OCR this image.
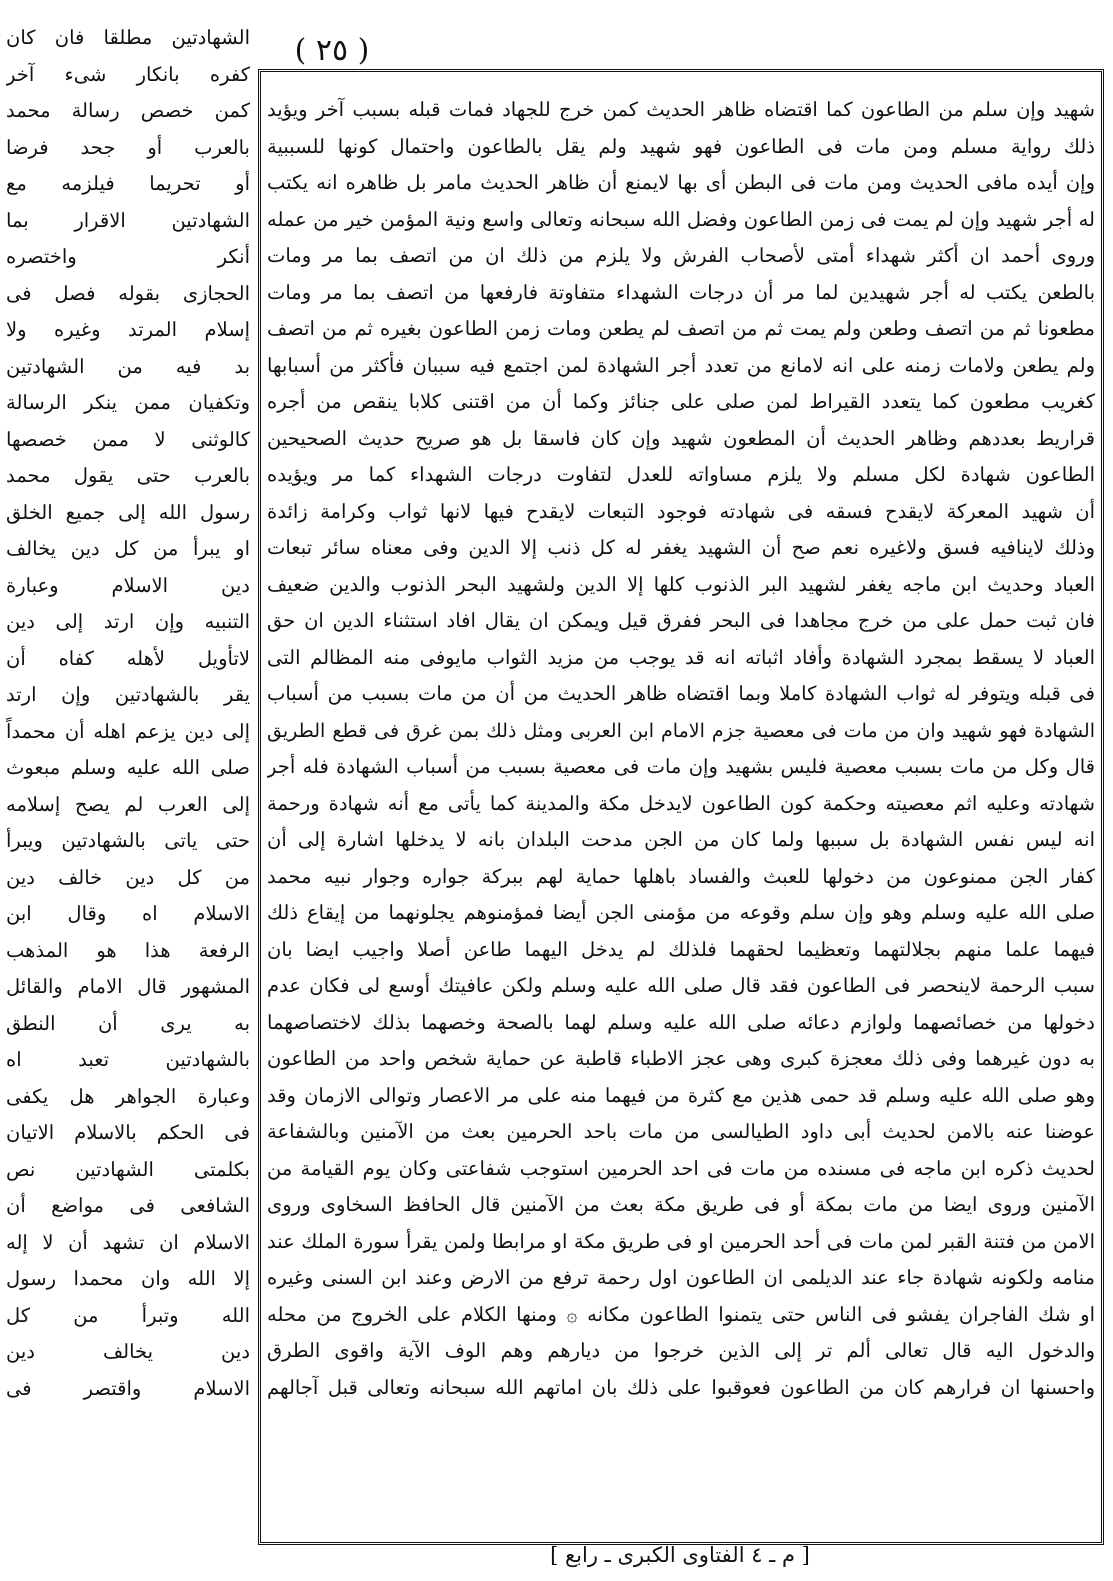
( ٢٥ )
الشهادتين مطلقا فان كان
كفره بانكار شىء آخر
كمن خصص رسالة محمد
بالعرب أو جحد فرضا
أو تحريما فيلزمه مع
الشهادتين الاقرار بما
أنكر واختصره
الحجازى بقوله فصل فى
إسلام المرتد وغيره ولا
بد فيه من الشهادتين
وتكفيان ممن ينكر الرسالة
كالوثنى لا ممن خصصها
بالعرب حتى يقول محمد
رسول الله إلى جميع الخلق
او يبرأ من كل دين يخالف
دين الاسلام وعبارة
التنبيه وإن ارتد إلى دين
لاتأويل لأهله كفاه أن
يقر بالشهادتين وإن ارتد
إلى دين يزعم اهله أن محمداً
صلى الله عليه وسلم مبعوث
إلى العرب لم يصح إسلامه
حتى ياتى بالشهادتين ويبرأ
من كل دين خالف دين
الاسلام اه وقال ابن
الرفعة هذا هو المذهب
المشهور قال الامام والقائل
به يرى أن النطق
بالشهادتين تعبد اه
وعبارة الجواهر هل يكفى
فى الحكم بالاسلام الاتيان
بكلمتى الشهادتين نص
الشافعى فى مواضع أن
الاسلام ان تشهد أن لا إله
إلا الله وان محمدا رسول
الله وتبرأ من كل
دين يخالف دين
الاسلام واقتصر فى
شهيد وإن سلم من الطاعون كما اقتضاه ظاهر الحديث كمن خرج للجهاد فمات قبله بسبب آخر ويؤيد
ذلك رواية مسلم ومن مات فى الطاعون فهو شهيد ولم يقل بالطاعون واحتمال كونها للسببية
وإن أيده مافى الحديث ومن مات فى البطن أى بها لايمنع أن ظاهر الحديث مامر بل ظاهره انه يكتب
له أجر شهيد وإن لم يمت فى زمن الطاعون وفضل الله سبحانه وتعالى واسع ونية المؤمن خير من عمله
وروى أحمد ان أكثر شهداء أمتى لأصحاب الفرش ولا يلزم من ذلك ان من اتصف بما مر ومات
بالطعن يكتب له أجر شهيدين لما مر أن درجات الشهداء متفاوتة فارفعها من اتصف بما مر ومات
مطعونا ثم من اتصف وطعن ولم يمت ثم من اتصف لم يطعن ومات زمن الطاعون بغيره ثم من اتصف
ولم يطعن ولامات زمنه على انه لامانع من تعدد أجر الشهادة لمن اجتمع فيه سببان فأكثر من أسبابها
كغريب مطعون كما يتعدد القيراط لمن صلى على جنائز وكما أن من اقتنى كلابا ينقص من أجره
قراريط بعددهم وظاهر الحديث أن المطعون شهيد وإن كان فاسقا بل هو صريح حديث الصحيحين
الطاعون شهادة لكل مسلم ولا يلزم مساواته للعدل لتفاوت درجات الشهداء كما مر ويؤيده
أن شهيد المعركة لايقدح فسقه فى شهادته فوجود التبعات لايقدح فيها لانها ثواب وكرامة زائدة
وذلك لاينافيه فسق ولاغيره نعم صح أن الشهيد يغفر له كل ذنب إلا الدين وفى معناه سائر تبعات
العباد وحديث ابن ماجه يغفر لشهيد البر الذنوب كلها إلا الدين ولشهيد البحر الذنوب والدين ضعيف
فان ثبت حمل على من خرج مجاهدا فى البحر ففرق قيل ويمكن ان يقال افاد استثناء الدين ان حق
العباد لا يسقط بمجرد الشهادة وأفاد اثباته انه قد يوجب من مزيد الثواب مايوفى منه المظالم التى
فى قبله ويتوفر له ثواب الشهادة كاملا وبما اقتضاه ظاهر الحديث من أن من مات بسبب من أسباب
الشهادة فهو شهيد وان من مات فى معصية جزم الامام ابن العربى ومثل ذلك بمن غرق فى قطع الطريق
قال وكل من مات بسبب معصية فليس بشهيد وإن مات فى معصية بسبب من أسباب الشهادة فله أجر
شهادته وعليه اثم معصيته وحكمة كون الطاعون لايدخل مكة والمدينة كما يأتى مع أنه شهادة ورحمة
انه ليس نفس الشهادة بل سببها ولما كان من الجن مدحت البلدان بانه لا يدخلها اشارة إلى أن
كفار الجن ممنوعون من دخولها للعبث والفساد باهلها حماية لهم ببركة جواره وجوار نبيه محمد
صلى الله عليه وسلم وهو وإن سلم وقوعه من مؤمنى الجن أيضا فمؤمنوهم يجلونهما من إيقاع ذلك
فيهما علما منهم بجلالتهما وتعظيما لحقهما فلذلك لم يدخل اليهما طاعن أصلا واجيب ايضا بان
سبب الرحمة لاينحصر فى الطاعون فقد قال صلى الله عليه وسلم ولكن عافيتك أوسع لى فكان عدم
دخولها من خصائصهما ولوازم دعائه صلى الله عليه وسلم لهما بالصحة وخصهما بذلك لاختصاصهما
به دون غيرهما وفى ذلك معجزة كبرى وهى عجز الاطباء قاطبة عن حماية شخص واحد من الطاعون
وهو صلى الله عليه وسلم قد حمى هذين مع كثرة من فيهما منه على مر الاعصار وتوالى الازمان وقد
عوضنا عنه بالامن لحديث أبى داود الطيالسى من مات باحد الحرمين بعث من الآمنين وبالشفاعة
لحديث ذكره ابن ماجه فى مسنده من مات فى احد الحرمين استوجب شفاعتى وكان يوم القيامة من
الآمنين وروى ايضا من مات بمكة أو فى طريق مكة بعث من الآمنين قال الحافظ السخاوى وروى
الامن من فتنة القبر لمن مات فى أحد الحرمين او فى طريق مكة او مرابطا ولمن يقرأ سورة الملك عند
منامه ولكونه شهادة جاء عند الديلمى ان الطاعون اول رحمة ترفع من الارض وعند ابن السنى وغيره
او شك الفاجران يفشو فى الناس حتى يتمنوا الطاعون مكانه ۞ ومنها الكلام على الخروج من محله
والدخول اليه قال تعالى ألم تر إلى الذين خرجوا من ديارهم وهم الوف الآية واقوى الطرق
واحسنها ان فرارهم كان من الطاعون فعوقبوا على ذلك بان اماتهم الله سبحانه وتعالى قبل آجالهم
[ م ـ ٤ الفتاوى الكبرى ـ رابع ]
